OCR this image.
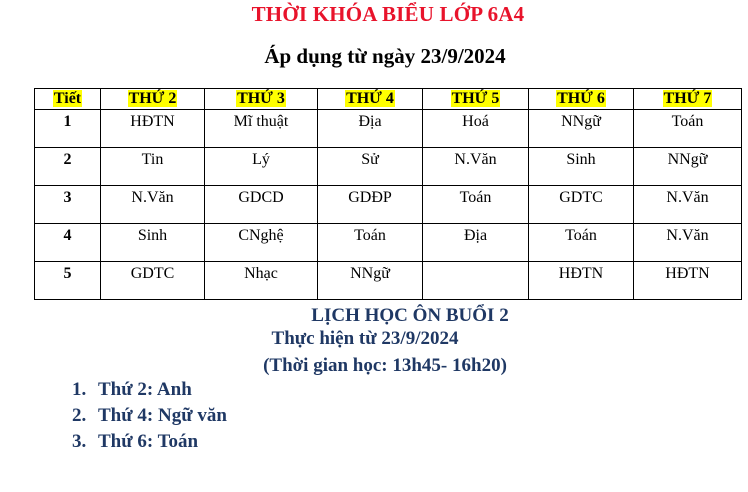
THỜI KHÓA BIỂU LỚP 6A4
Áp dụng từ ngày 23/9/2024
Tiết	THỨ 2	THỨ 3	THỨ 4	THỨ 5	THỨ 6	THỨ 7
1	HĐTN	Mĩ thuật	Địa	Hoá	NNgữ	Toán
2	Tin	Lý	Sử	N.Văn	Sinh	NNgữ
3	N.Văn	GDCD	GDĐP	Toán	GDTC	N.Văn
4	Sinh	CNghệ	Toán	Địa	Toán	N.Văn
5	GDTC	Nhạc	NNgữ		HĐTN	HĐTN
LỊCH HỌC ÔN BUỔI 2
Thực hiện từ 23/9/2024
(Thời gian học: 13h45- 16h20)
1. Thứ 2: Anh
2. Thứ 4: Ngữ văn
3. Thứ 6: Toán
